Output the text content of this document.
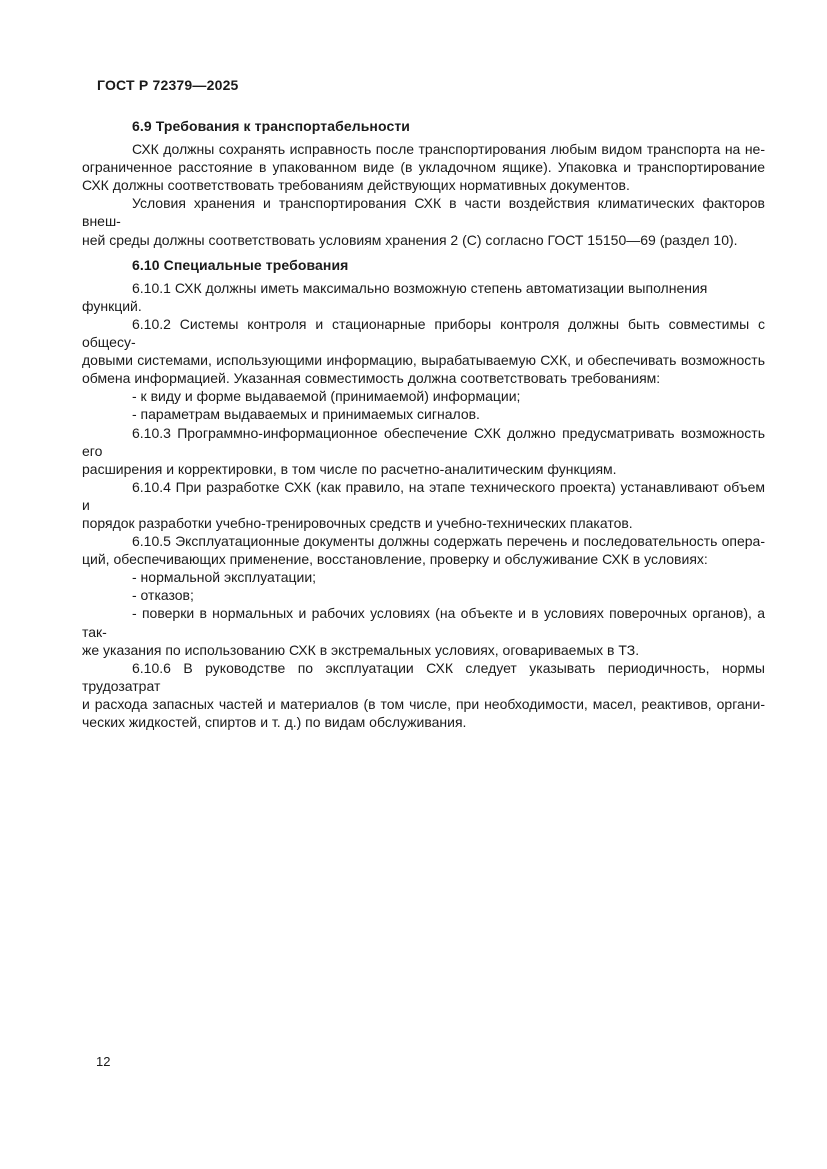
ГОСТ Р 72379—2025
6.9 Требования к транспортабельности
СХК должны сохранять исправность после транспортирования любым видом транспорта на не-
ограниченное расстояние в упакованном виде (в укладочном ящике). Упаковка и транспортирование
СХК должны соответствовать требованиям действующих нормативных документов.
Условия хранения и транспортирования СХК в части воздействия климатических факторов внеш-
ней среды должны соответствовать условиям хранения 2 (С) согласно ГОСТ 15150—69 (раздел 10).
6.10 Специальные требования
6.10.1 СХК должны иметь максимально возможную степень автоматизации выполнения функций.
6.10.2 Системы контроля и стационарные приборы контроля должны быть совместимы с общесу-
довыми системами, использующими информацию, вырабатываемую СХК, и обеспечивать возможность
обмена информацией. Указанная совместимость должна соответствовать требованиям:
- к виду и форме выдаваемой (принимаемой) информации;
- параметрам выдаваемых и принимаемых сигналов.
6.10.3 Программно-информационное обеспечение СХК должно предусматривать возможность его
расширения и корректировки, в том числе по расчетно-аналитическим функциям.
6.10.4 При разработке СХК (как правило, на этапе технического проекта) устанавливают объем и
порядок разработки учебно-тренировочных средств и учебно-технических плакатов.
6.10.5 Эксплуатационные документы должны содержать перечень и последовательность опера-
ций, обеспечивающих применение, восстановление, проверку и обслуживание СХК в условиях:
- нормальной эксплуатации;
- отказов;
- поверки в нормальных и рабочих условиях (на объекте и в условиях поверочных органов), а так-
же указания по использованию СХК в экстремальных условиях, оговариваемых в ТЗ.
6.10.6 В руководстве по эксплуатации СХК следует указывать периодичность, нормы трудозатрат
и расхода запасных частей и материалов (в том числе, при необходимости, масел, реактивов, органи-
ческих жидкостей, спиртов и т. д.) по видам обслуживания.
12
